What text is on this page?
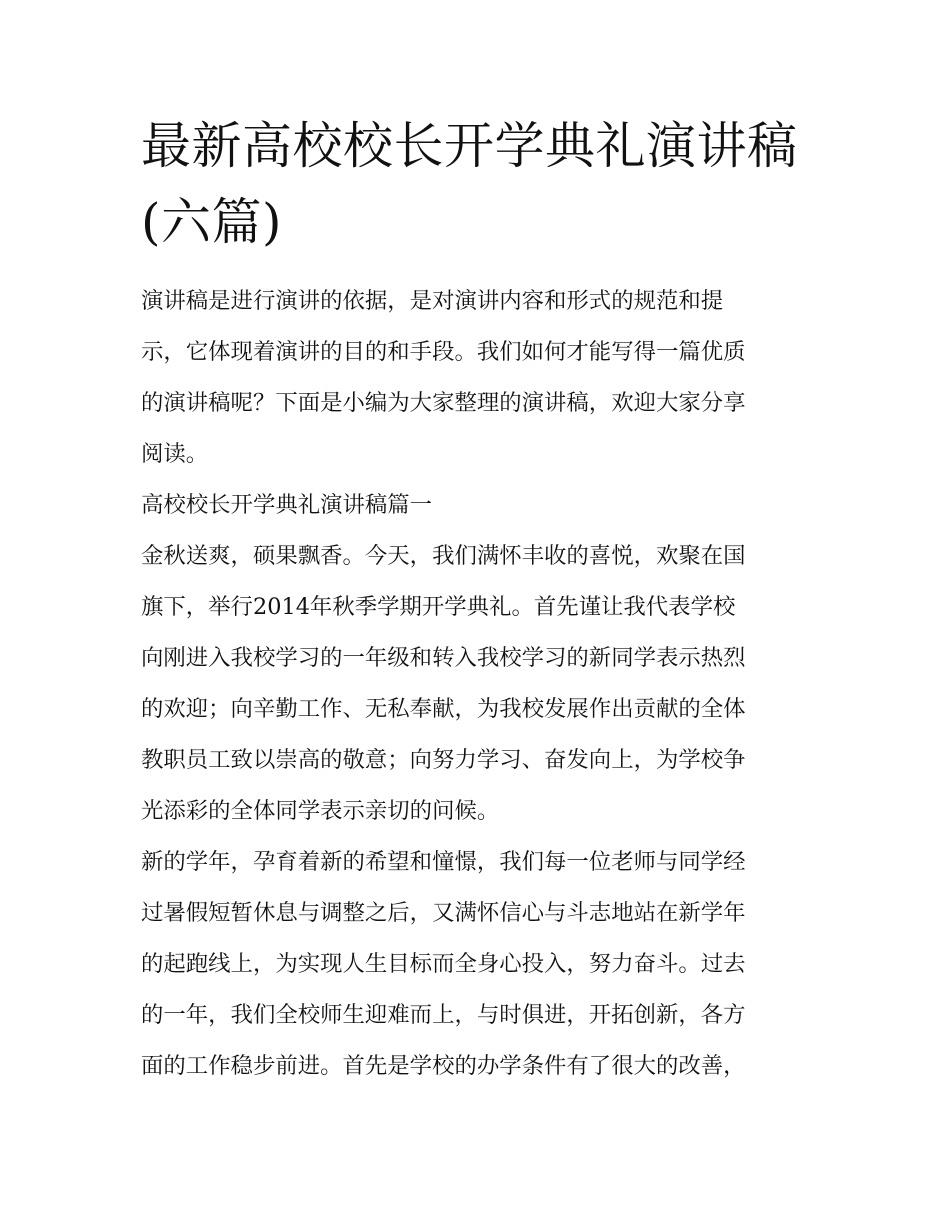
最新高校校长开学典礼演讲稿
(六篇)

演讲稿是进行演讲的依据，是对演讲内容和形式的规范和提
示，它体现着演讲的目的和手段。我们如何才能写得一篇优质
的演讲稿呢？下面是小编为大家整理的演讲稿，欢迎大家分享
阅读。

高校校长开学典礼演讲稿篇一

金秋送爽，硕果飘香。今天，我们满怀丰收的喜悦，欢聚在国
旗下，举行2014年秋季学期开学典礼。首先谨让我代表学校
向刚进入我校学习的一年级和转入我校学习的新同学表示热烈
的欢迎；向辛勤工作、无私奉献，为我校发展作出贡献的全体
教职员工致以崇高的敬意；向努力学习、奋发向上，为学校争
光添彩的全体同学表示亲切的问候。

新的学年，孕育着新的希望和憧憬，我们每一位老师与同学经
过暑假短暂休息与调整之后，又满怀信心与斗志地站在新学年
的起跑线上，为实现人生目标而全身心投入，努力奋斗。过去
的一年，我们全校师生迎难而上，与时俱进，开拓创新，各方
面的工作稳步前进。首先是学校的办学条件有了很大的改善，
